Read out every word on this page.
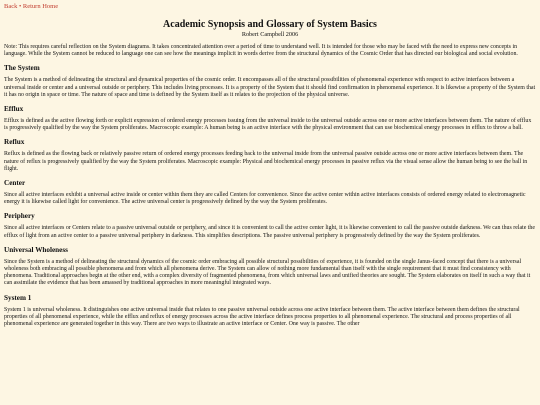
Back • Return Home
Academic Synopsis and Glossary of System Basics
Robert Campbell 2006

Note: This requires careful reflection on the System diagrams. It takes concentrated attention over a period of time to understand well. It is intended for those who may be faced with the need to express new concepts in language. While the System cannot be reduced to language one can see how the meanings implicit in words derive from the structural dynamics of the Cosmic Order that has directed our biological and social evolution.

The System

The System is a method of delineating the structural and dynamical properties of the cosmic order. It encompasses all of the structural possibilities of phenomenal experience with respect to active interfaces between a universal inside or center and a universal outside or periphery. This includes living processes. It is a property of the System that it should find confirmation in phenomenal experience. It is likewise a property of the System that it has no origin in space or time. The nature of space and time is defined by the System itself as it relates to the projection of the physical universe.

Efflux

Efflux is defined as the active flowing forth or explicit expression of ordered energy processes issuing from the universal inside to the universal outside across one or more active interfaces between them. The nature of efflux is progressively qualified by the way the System proliferates. Macroscopic example: A human being is an active interface with the physical environment that can use biochemical energy processes in efflux to throw a ball.

Reflux

Reflux is defined as the flowing back or relatively passive return of ordered energy processes feeding back to the universal inside from the universal passive outside across one or more active interfaces between them. The nature of reflux is progressively qualified by the way the System proliferates. Macroscopic example: Physical and biochemical energy processes in passive reflux via the visual sense allow the human being to see the ball in flight.

Center

Since all active interfaces exhibit a universal active inside or center within them they are called Centers for convenience. Since the active center within active interfaces consists of ordered energy related to electromagnetic energy it is likewise called light for convenience. The active universal center is progressively defined by the way the System proliferates.

Periphery

Since all active interfaces or Centers relate to a passive universal outside or periphery, and since it is convenient to call the active center light, it is likewise convenient to call the passive outside darkness. We can thus relate the efflux of light from an active center to a passive universal periphery in darkness. This simplifies descriptions. The passive universal periphery is progressively defined by the way the System proliferates.

Universal Wholeness

Since the System is a method of delineating the structural dynamics of the cosmic order embracing all possible structural possibilities of experience, it is founded on the single Janus-faced concept that there is a universal wholeness both embracing all possible phenomena and from which all phenomena derive. The System can allow of nothing more fundamental than itself with the single requirement that it must find consistency with phenomena. Traditional approaches begin at the other end, with a complex diversity of fragmented phenomena, from which universal laws and unified theories are sought. The System elaborates on itself in such a way that it can assimilate the evidence that has been amassed by traditional approaches in more meaningful integrated ways.

System 1

System 1 is universal wholeness. It distinguishes one active universal inside that relates to one passive universal outside across one active interface between them. The active interface between them defines the structural properties of all phenomenal experience, while the efflux and reflux of energy processes across the active interface defines process properties to all phenomenal experience. The structural and process properties of all phenomenal experience are generated together in this way. There are two ways to illustrate an active interface or Center. One way is passive. The other
